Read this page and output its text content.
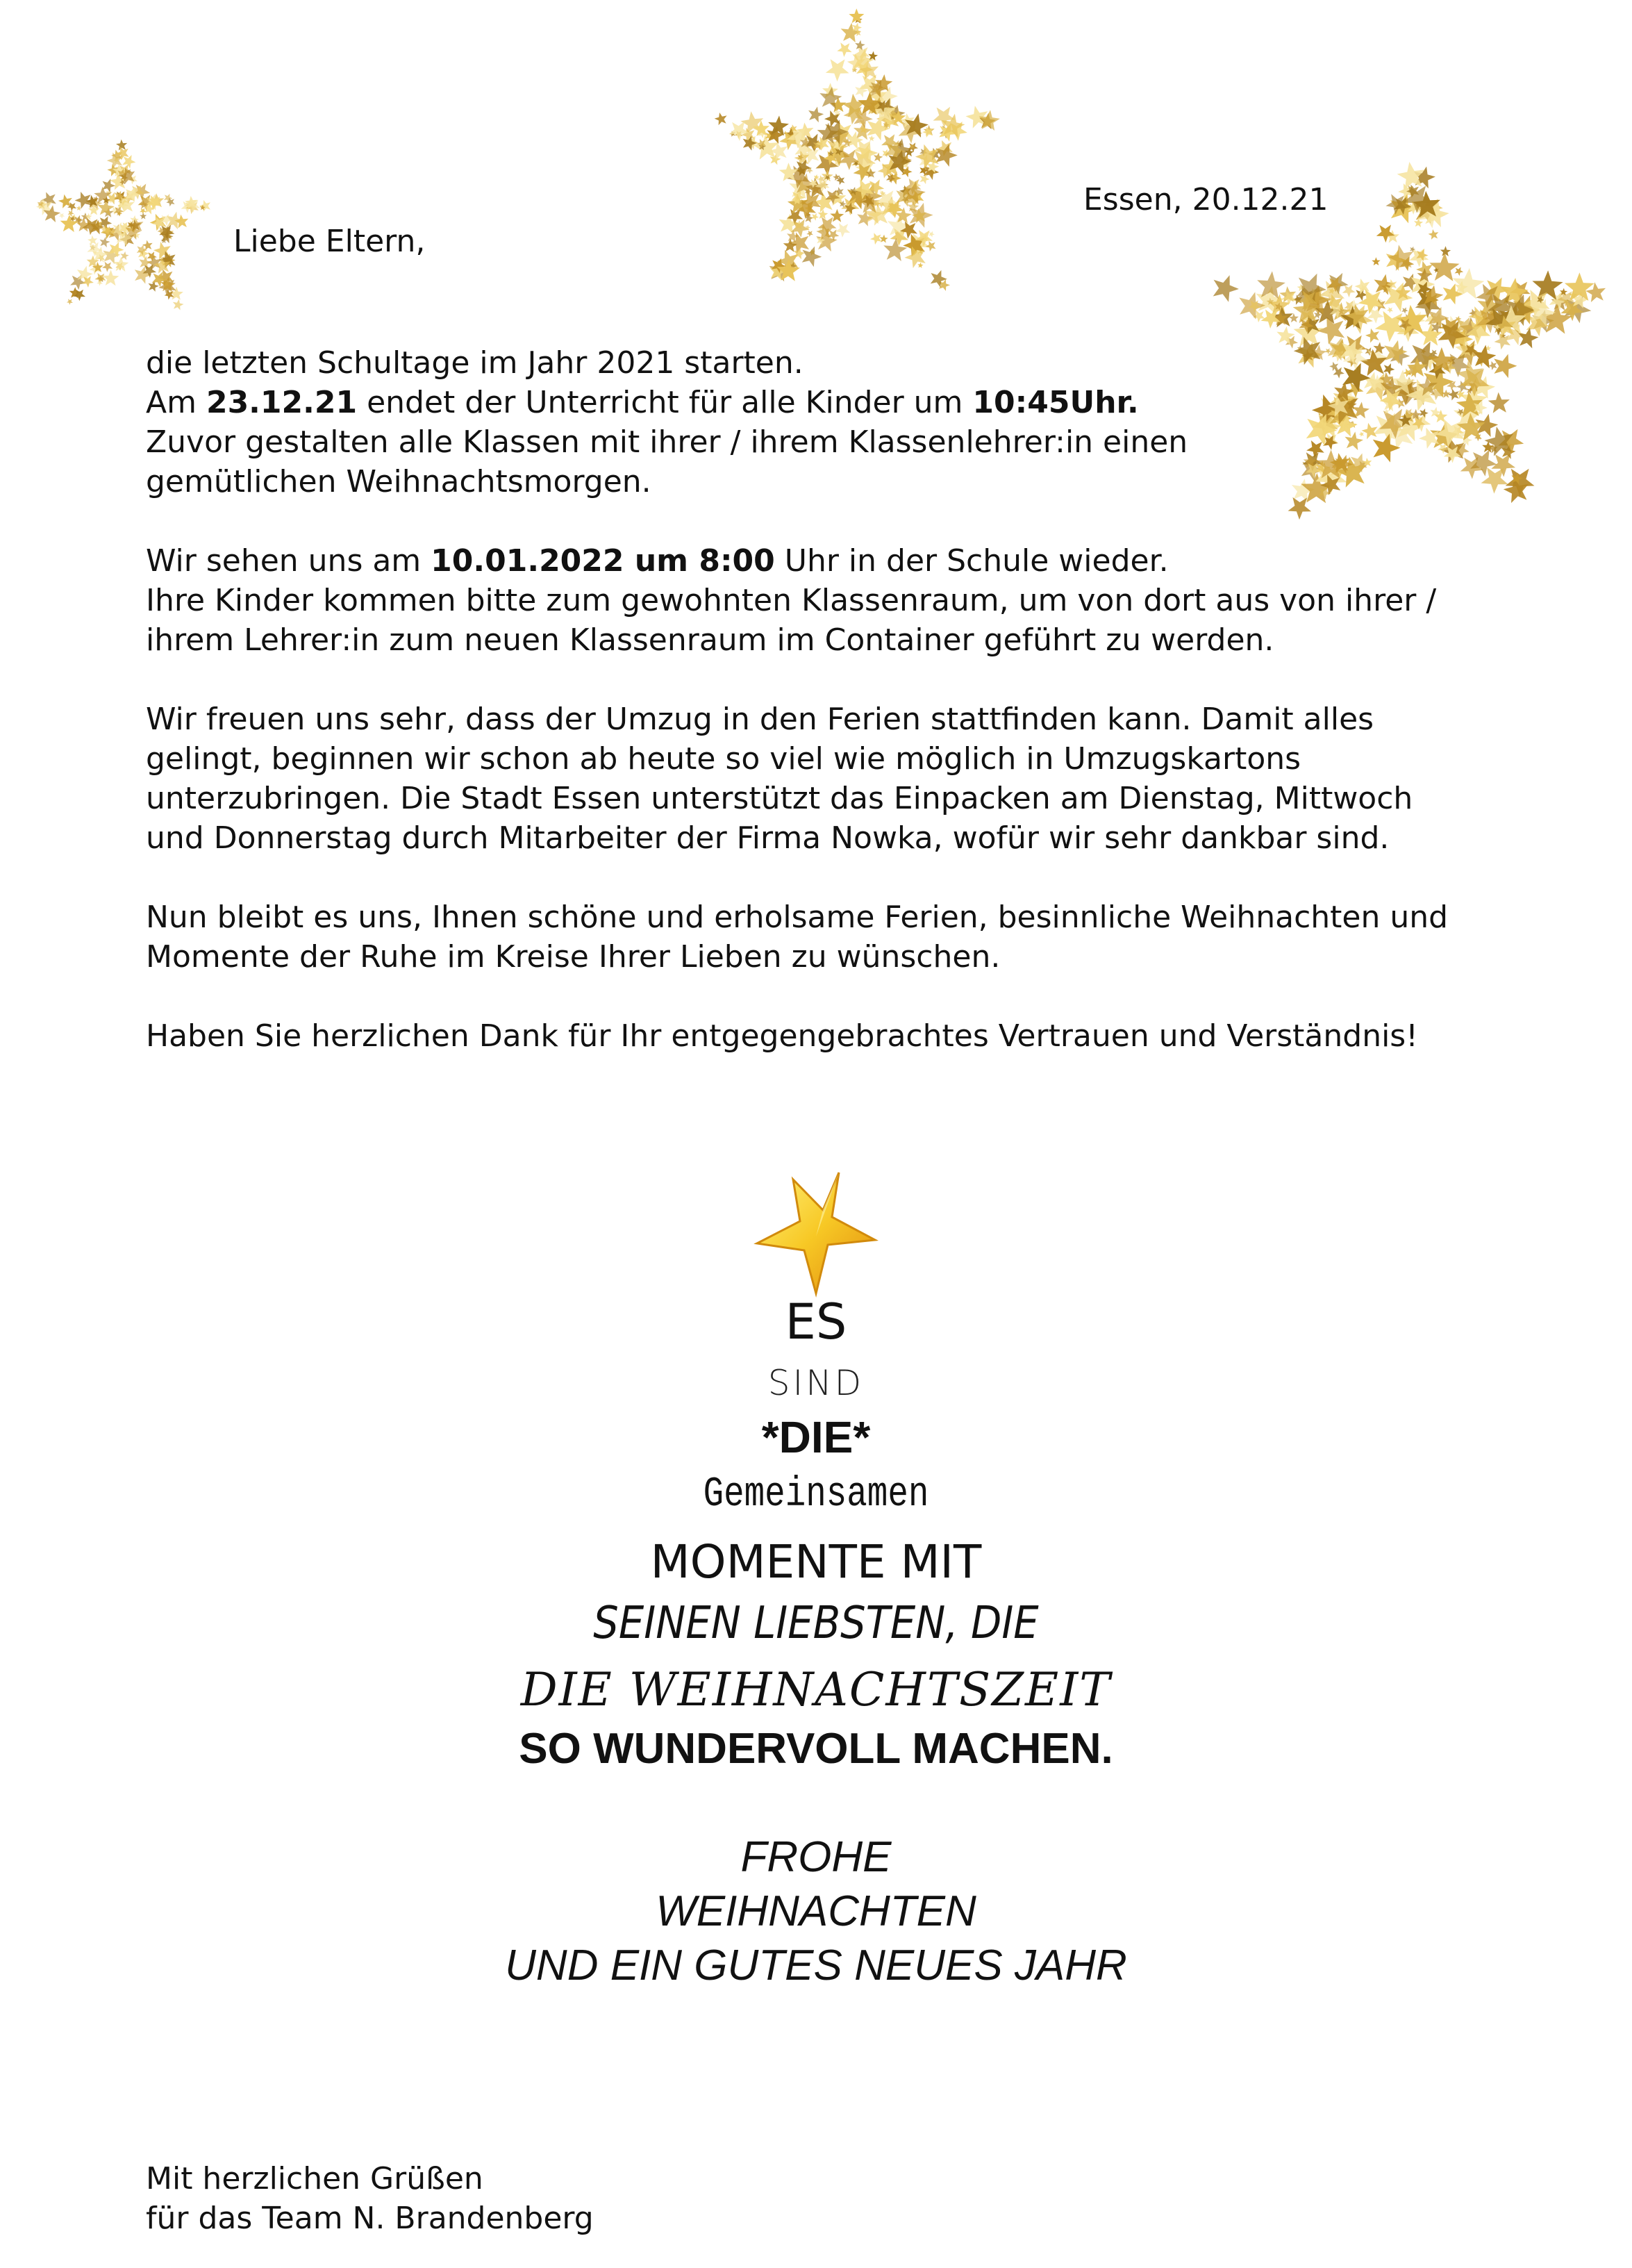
Essen, 20.12.21
Liebe Eltern,

die letzten Schultage im Jahr 2021 starten.
Am 23.12.21 endet der Unterricht für alle Kinder um 10:45Uhr.
Zuvor gestalten alle Klassen mit ihrer / ihrem Klassenlehrer:in einen
gemütlichen Weihnachtsmorgen.

Wir sehen uns am 10.01.2022 um 8:00 Uhr in der Schule wieder.
Ihre Kinder kommen bitte zum gewohnten Klassenraum, um von dort aus von ihrer /
ihrem Lehrer:in zum neuen Klassenraum im Container geführt zu werden.

Wir freuen uns sehr, dass der Umzug in den Ferien stattfinden kann. Damit alles
gelingt, beginnen wir schon ab heute so viel wie möglich in Umzugskartons
unterzubringen. Die Stadt Essen unterstützt das Einpacken am Dienstag, Mittwoch
und Donnerstag durch Mitarbeiter der Firma Nowka, wofür wir sehr dankbar sind.

Nun bleibt es uns, Ihnen schöne und erholsame Ferien, besinnliche Weihnachten und
Momente der Ruhe im Kreise Ihrer Lieben zu wünschen.

Haben Sie herzlichen Dank für Ihr entgegengebrachtes Vertrauen und Verständnis!

ES
SIND
*DIE*
Gemeinsamen
MOMENTE MIT
SEINEN LIEBSTEN, DIE
DIE WEIHNACHTSZEIT
SO WUNDERVOLL MACHEN.
FROHE
WEIHNACHTEN
UND EIN GUTES NEUES JAHR
Mit herzlichen Grüßen
für das Team N. Brandenberg
